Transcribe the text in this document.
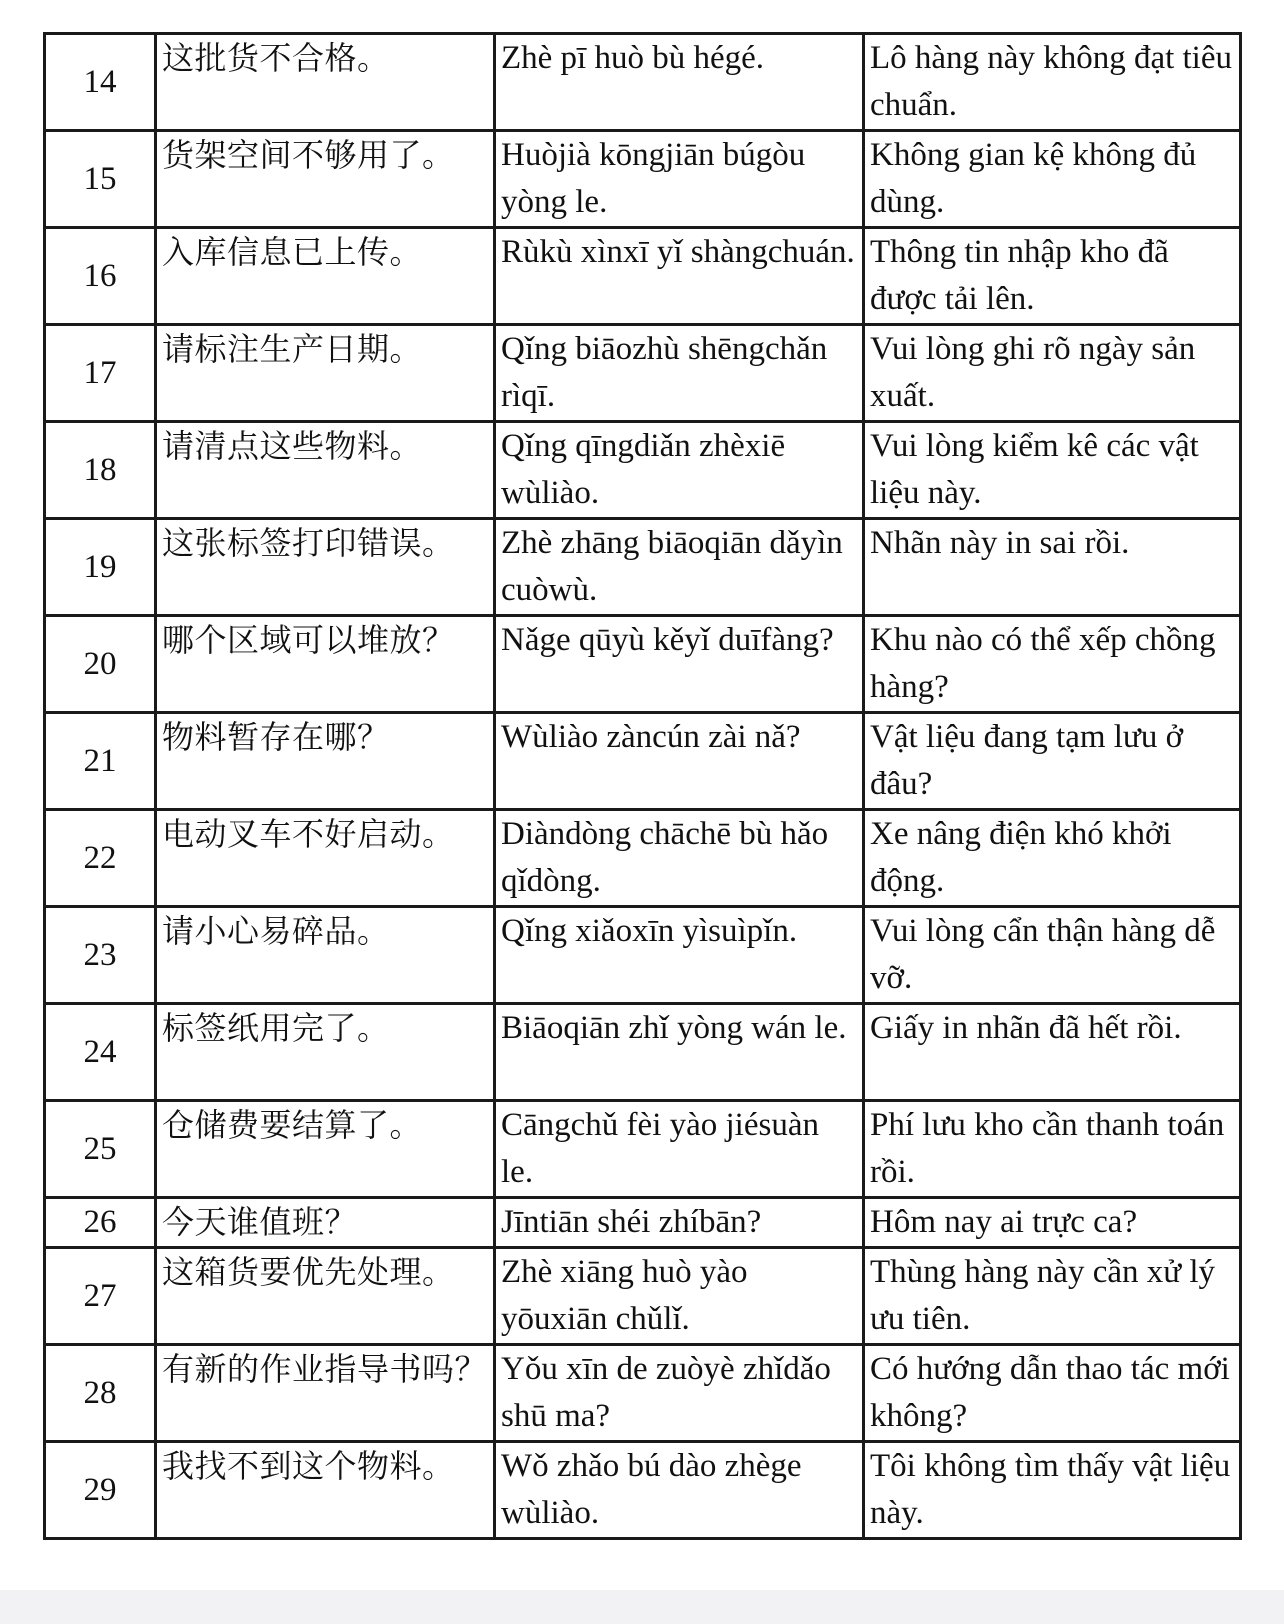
14	这批货不合格。	Zhè pī huò bù hégé.	Lô hàng này không đạt tiêu chuẩn.
15	货架空间不够用了。	Huòjià kōngjiān búgòu yòng le.	Không gian kệ không đủ dùng.
16	入库信息已上传。	Rùkù xìnxī yǐ shàngchuán.	Thông tin nhập kho đã được tải lên.
17	请标注生产日期。	Qǐng biāozhù shēngchǎn rìqī.	Vui lòng ghi rõ ngày sản xuất.
18	请清点这些物料。	Qǐng qīngdiǎn zhèxiē wùliào.	Vui lòng kiểm kê các vật liệu này.
19	这张标签打印错误。	Zhè zhāng biāoqiān dǎyìn cuòwù.	Nhãn này in sai rồi.
20	哪个区域可以堆放？	Nǎge qūyù kěyǐ duīfàng?	Khu nào có thể xếp chồng hàng?
21	物料暂存在哪？	Wùliào zàncún zài nǎ?	Vật liệu đang tạm lưu ở đâu?
22	电动叉车不好启动。	Diàndòng chāchē bù hǎo qǐdòng.	Xe nâng điện khó khởi động.
23	请小心易碎品。	Qǐng xiǎoxīn yìsuìpǐn.	Vui lòng cẩn thận hàng dễ vỡ.
24	标签纸用完了。	Biāoqiān zhǐ yòng wán le.	Giấy in nhãn đã hết rồi.
25	仓储费要结算了。	Cāngchǔ fèi yào jiésuàn le.	Phí lưu kho cần thanh toán rồi.
26	今天谁值班？	Jīntiān shéi zhíbān?	Hôm nay ai trực ca?
27	这箱货要优先处理。	Zhè xiāng huò yào yōuxiān chǔlǐ.	Thùng hàng này cần xử lý ưu tiên.
28	有新的作业指导书吗？	Yǒu xīn de zuòyè zhǐdǎo shū ma?	Có hướng dẫn thao tác mới không?
29	我找不到这个物料。	Wǒ zhǎo bú dào zhège wùliào.	Tôi không tìm thấy vật liệu này.
